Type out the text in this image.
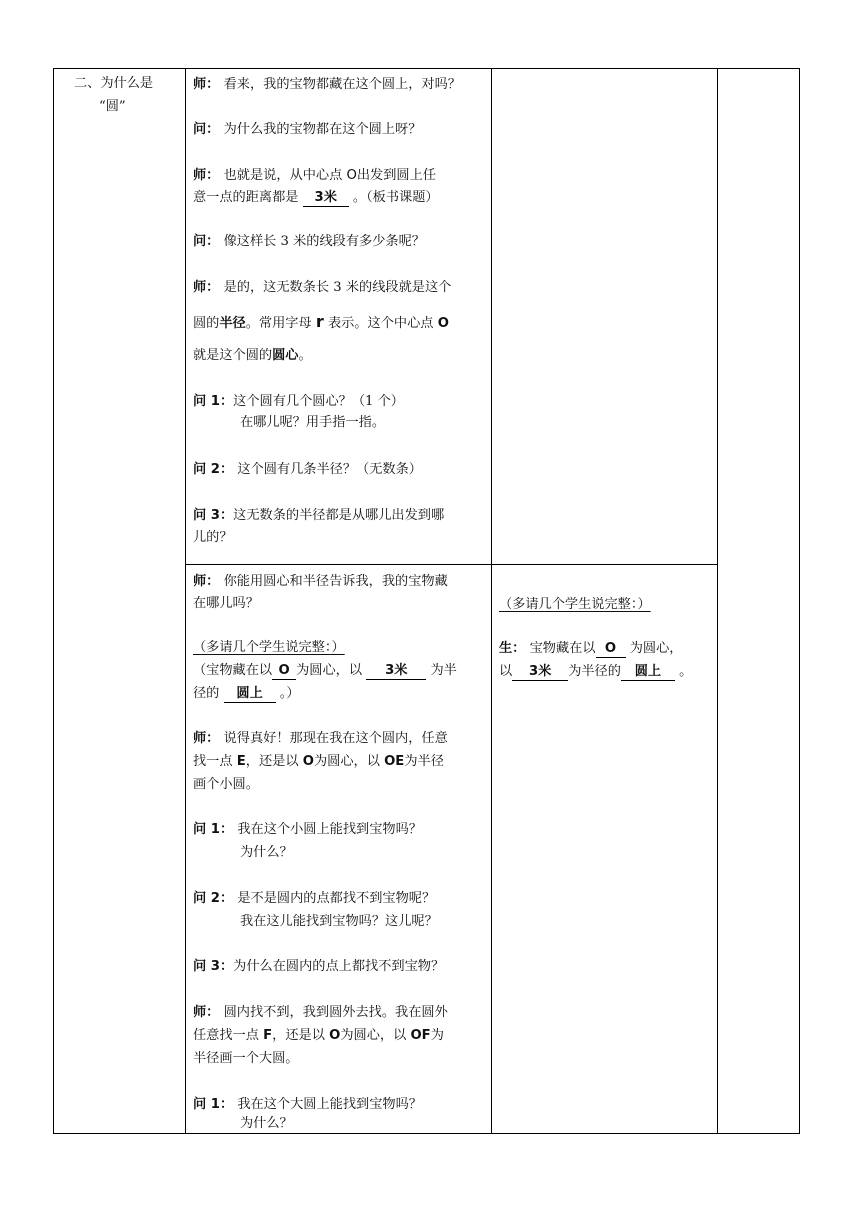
二、为什么是
“圆”
师： 看来，我的宝物都藏在这个圆上，对吗？
问： 为什么我的宝物都在这个圆上呀？
师： 也就是说，从中心点 O出发到圆上任
意一点的距离都是 3米 。（板书课题）
问： 像这样长 3 米的线段有多少条呢？
师： 是的，这无数条长 3 米的线段就是这个
圆的半径。常用字母 r 表示。这个中心点 O
就是这个圆的圆心。
问 1：这个圆有几个圆心？（1 个）
在哪儿呢？用手指一指。
问 2： 这个圆有几条半径？（无数条）
问 3：这无数条的半径都是从哪儿出发到哪
儿的？
师： 你能用圆心和半径告诉我，我的宝物藏
在哪儿吗？
（多请几个学生说完整：）
（宝物藏在以 O 为圆心，以 3米 为半
径的 圆上 。）
师： 说得真好！那现在我在这个圆内，任意
找一点 E，还是以 O为圆心，以 OE为半径
画个小圆。
问 1： 我在这个小圆上能找到宝物吗？
为什么？
问 2： 是不是圆内的点都找不到宝物呢？
我在这儿能找到宝物吗？这儿呢？
问 3：为什么在圆内的点上都找不到宝物？
师： 圆内找不到，我到圆外去找。我在圆外
任意找一点 F，还是以 O为圆心，以 OF为
半径画一个大圆。
问 1： 我在这个大圆上能找到宝物吗？
为什么？
（多请几个学生说完整：）
生： 宝物藏在以 O 为圆心，
以 3米 为半径的 圆上 。
